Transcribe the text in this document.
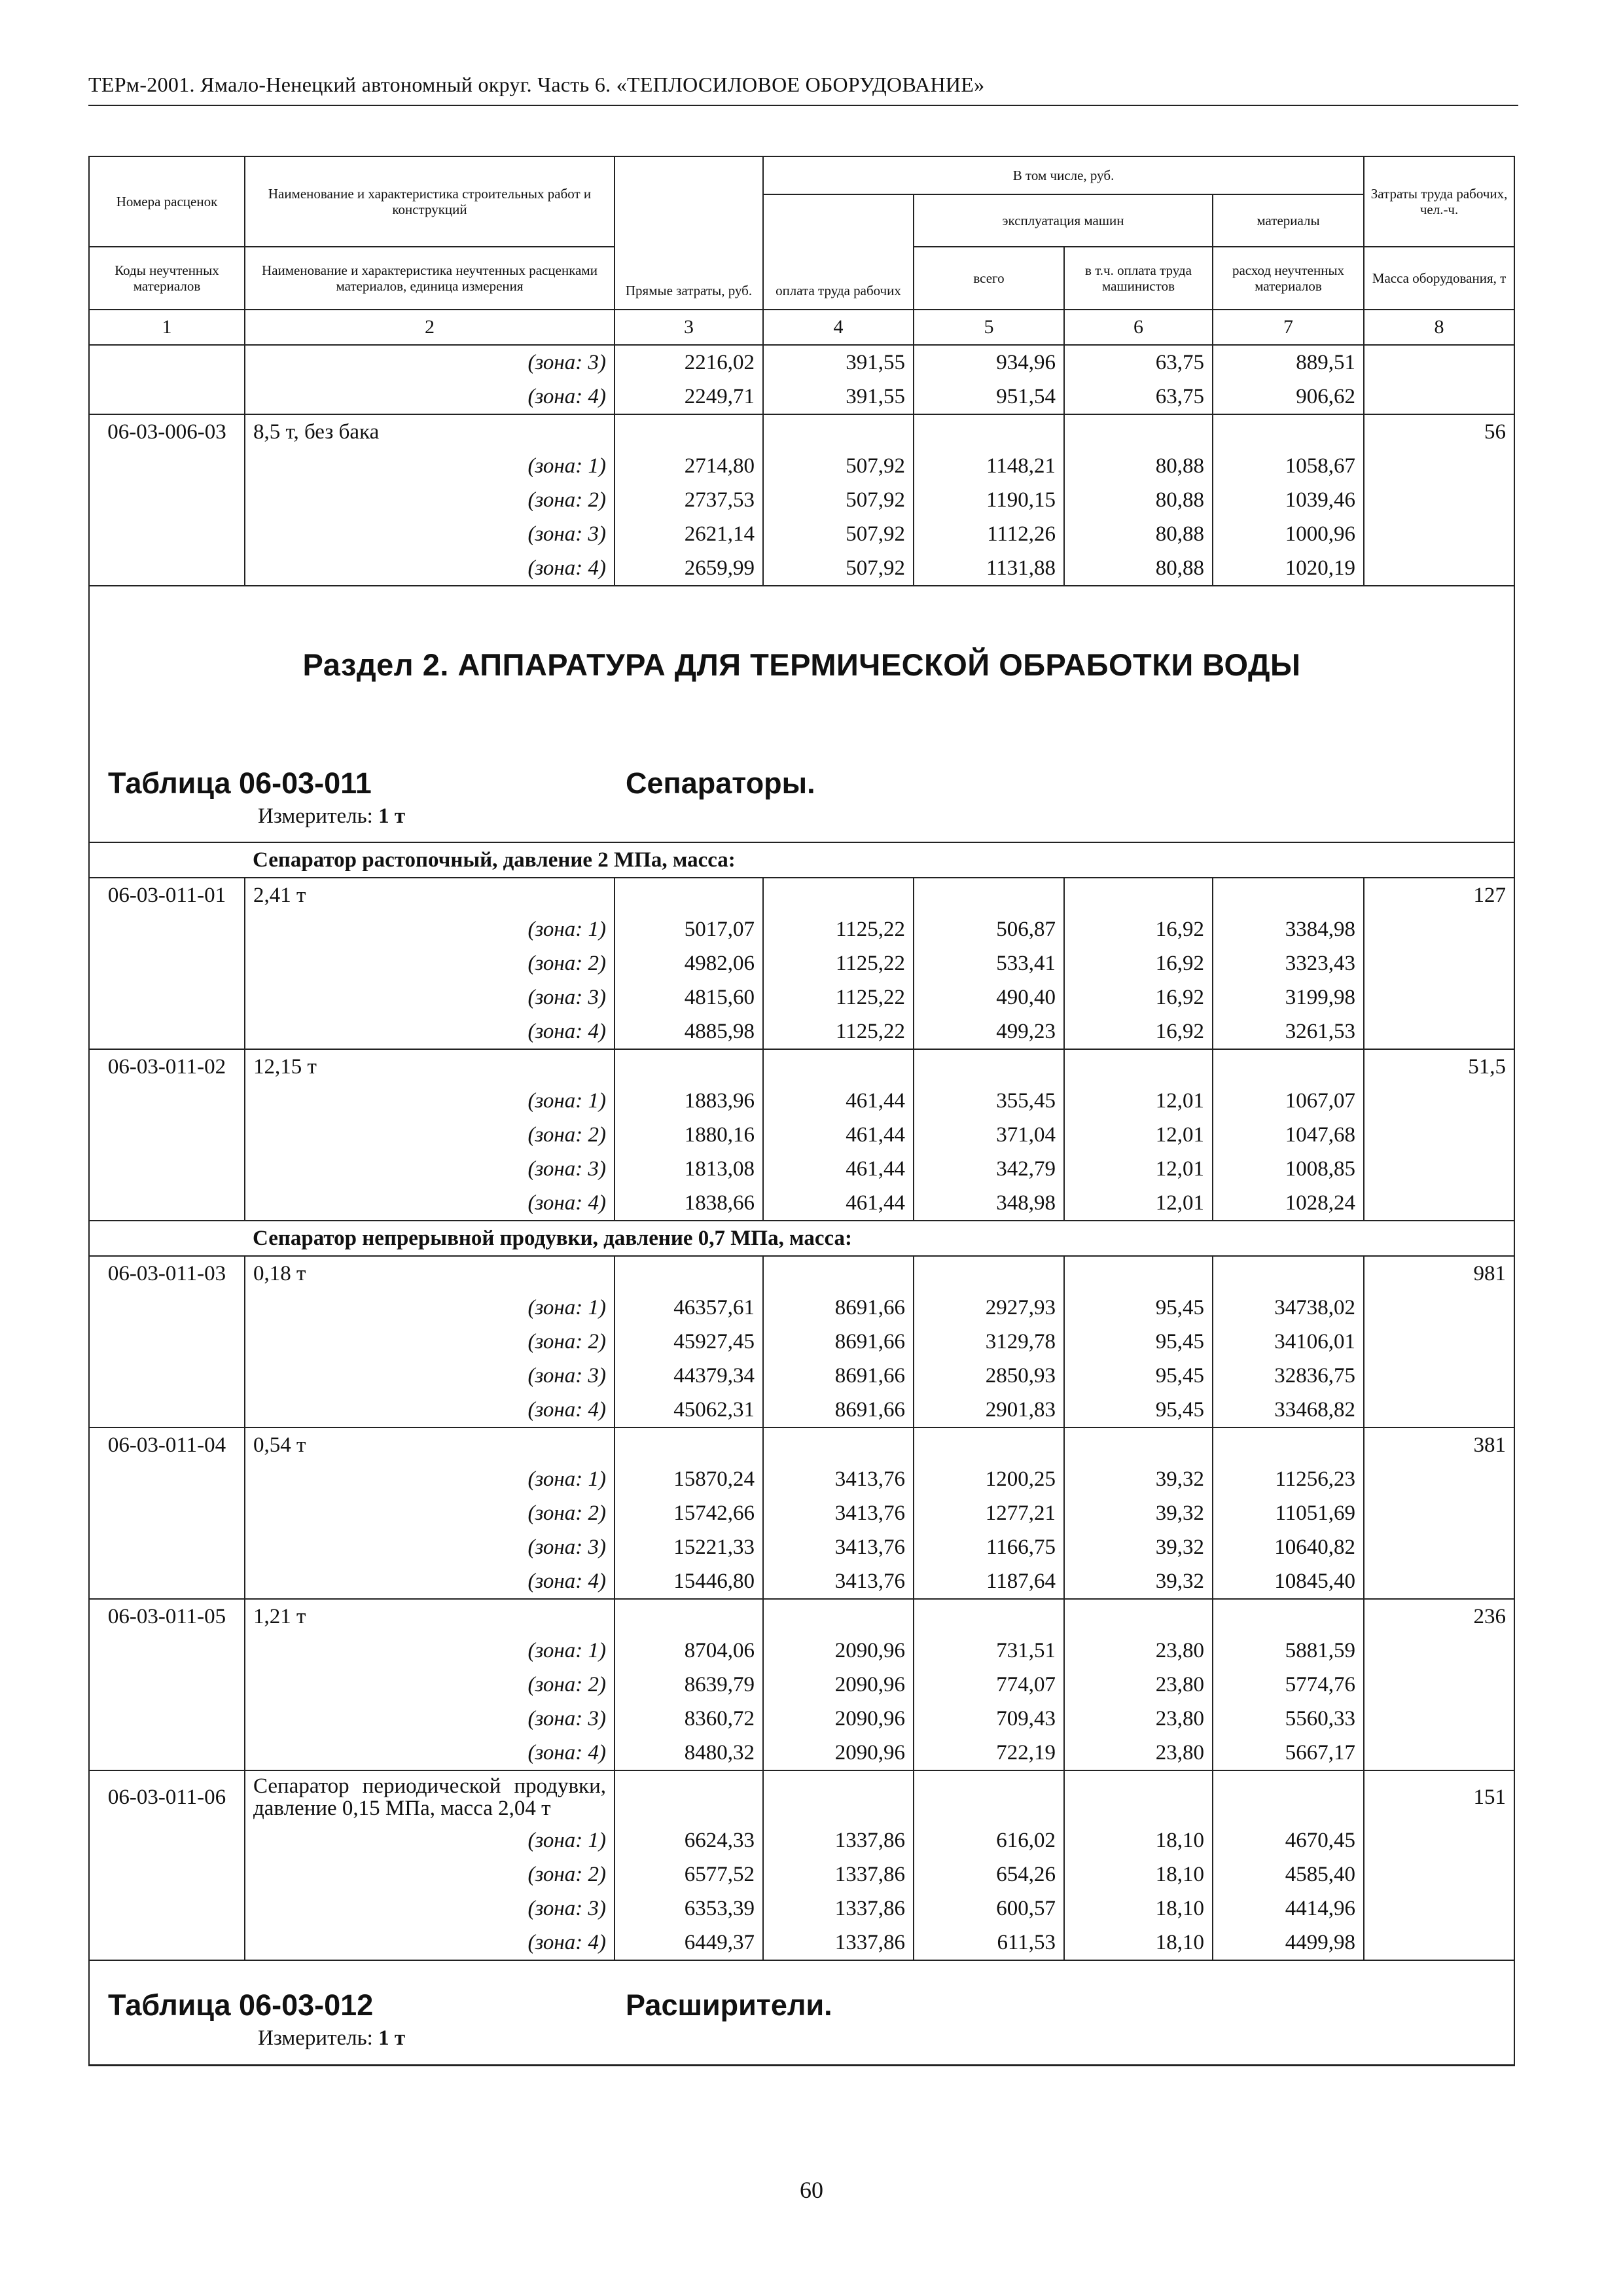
ТЕРм-2001. Ямало-Ненецкий автономный округ. Часть 6. «ТЕПЛОСИЛОВОЕ ОБОРУДОВАНИЕ»
Номера расценок	Наименование и характеристика строительных работ и конструкций	Прямые затраты, руб.	В том числе, руб.				Затраты труда рабочих, чел.-ч.
			оплата труда рабочих	эксплуатация машин		материалы	
Коды неучтенных материалов	Наименование и характеристика неучтенных расценками материалов, единица измерения			всего	в т.ч. оплата труда машинистов	расход неучтенных материалов	Масса оборудования, т
1	2	3	4	5	6	7	8
	(зона: 3)	2216,02	391,55	934,96	63,75	889,51	
	(зона: 4)	2249,71	391,55	951,54	63,75	906,62	
06-03-006-03	8,5 т, без бака						56
	(зона: 1)	2714,80	507,92	1148,21	80,88	1058,67	
	(зона: 2)	2737,53	507,92	1190,15	80,88	1039,46	
	(зона: 3)	2621,14	507,92	1112,26	80,88	1000,96	
	(зона: 4)	2659,99	507,92	1131,88	80,88	1020,19	

Раздел 2. АППАРАТУРА ДЛЯ ТЕРМИЧЕСКОЙ ОБРАБОТКИ ВОДЫ
Таблица 06-03-011 Сепараторы.
Измеритель: 1 т							

	Сепаратор растопочный, давление 2 МПа, масса:						
06-03-011-01	2,41 т						127
	(зона: 1)	5017,07	1125,22	506,87	16,92	3384,98	
	(зона: 2)	4982,06	1125,22	533,41	16,92	3323,43	
	(зона: 3)	4815,60	1125,22	490,40	16,92	3199,98	
	(зона: 4)	4885,98	1125,22	499,23	16,92	3261,53	
06-03-011-02	12,15 т						51,5
	(зона: 1)	1883,96	461,44	355,45	12,01	1067,07	
	(зона: 2)	1880,16	461,44	371,04	12,01	1047,68	
	(зона: 3)	1813,08	461,44	342,79	12,01	1008,85	
	(зона: 4)	1838,66	461,44	348,98	12,01	1028,24	
	Сепаратор непрерывной продувки, давление 0,7 МПа, масса:						
06-03-011-03	0,18 т						981
	(зона: 1)	46357,61	8691,66	2927,93	95,45	34738,02	
	(зона: 2)	45927,45	8691,66	3129,78	95,45	34106,01	
	(зона: 3)	44379,34	8691,66	2850,93	95,45	32836,75	
	(зона: 4)	45062,31	8691,66	2901,83	95,45	33468,82	
06-03-011-04	0,54 т						381
	(зона: 1)	15870,24	3413,76	1200,25	39,32	11256,23	
	(зона: 2)	15742,66	3413,76	1277,21	39,32	11051,69	
	(зона: 3)	15221,33	3413,76	1166,75	39,32	10640,82	
	(зона: 4)	15446,80	3413,76	1187,64	39,32	10845,40	
06-03-011-05	1,21 т						236
	(зона: 1)	8704,06	2090,96	731,51	23,80	5881,59	
	(зона: 2)	8639,79	2090,96	774,07	23,80	5774,76	
	(зона: 3)	8360,72	2090,96	709,43	23,80	5560,33	
	(зона: 4)	8480,32	2090,96	722,19	23,80	5667,17	
06-03-011-06	Сепаратор периодической продувки, давление 0,15 МПа, масса 2,04 т						151
	(зона: 1)	6624,33	1337,86	616,02	18,10	4670,45	
	(зона: 2)	6577,52	1337,86	654,26	18,10	4585,40	
	(зона: 3)	6353,39	1337,86	600,57	18,10	4414,96	
	(зона: 4)	6449,37	1337,86	611,53	18,10	4499,98	

Таблица 06-03-012 Расширители.
Измеритель: 1 т							
60
